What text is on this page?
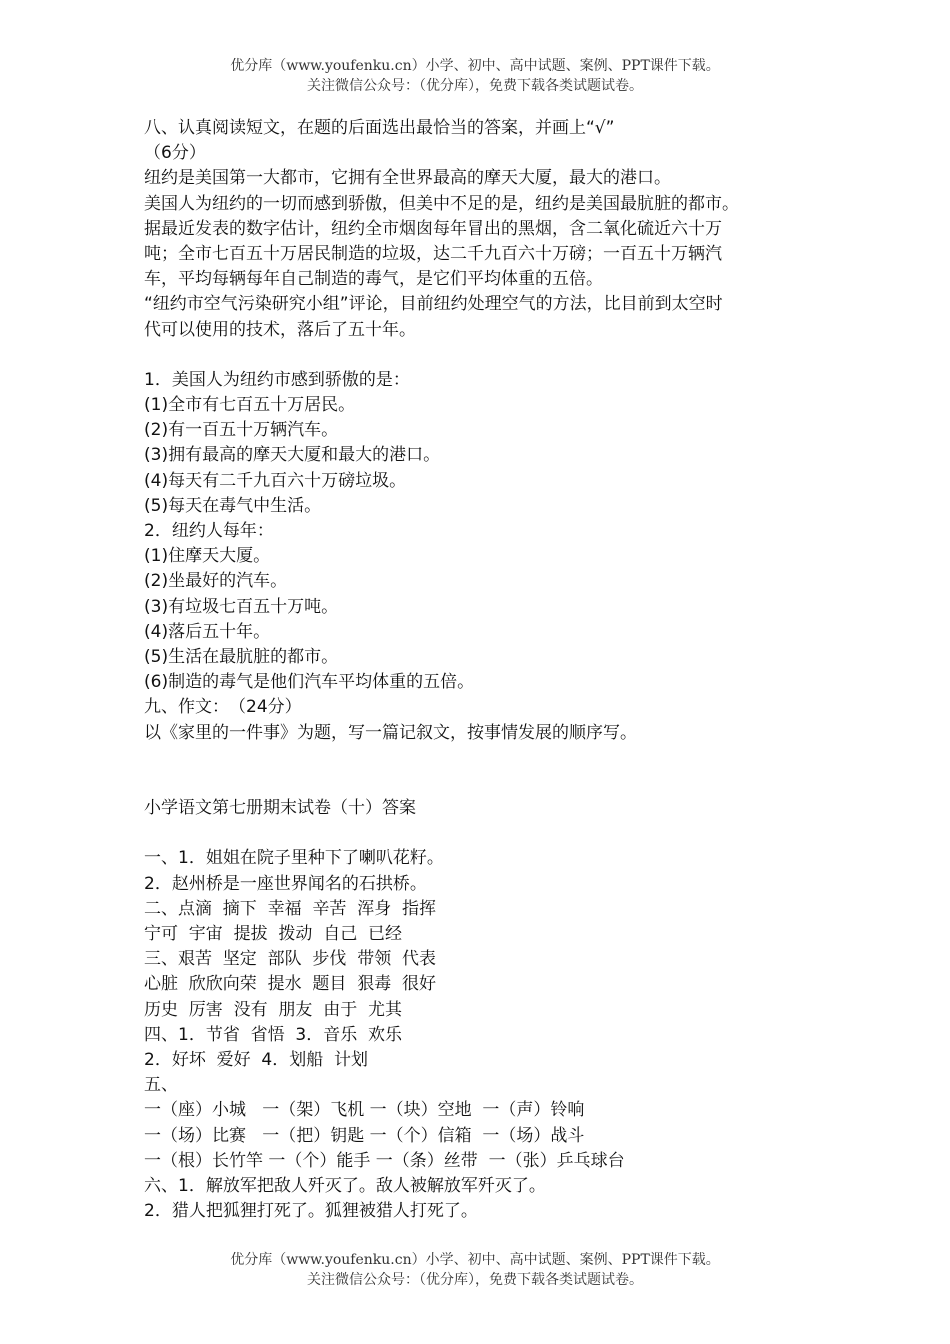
优分库（www.youfenku.cn）小学、初中、高中试题、案例、PPT课件下载。
关注微信公众号：（优分库），免费下载各类试题试卷。
八、认真阅读短文，在题的后面选出最恰当的答案，并画上“√”
（6分）
纽约是美国第一大都市，它拥有全世界最高的摩天大厦，最大的港口。
美国人为纽约的一切而感到骄傲，但美中不足的是，纽约是美国最肮脏的都市。
据最近发表的数字估计，纽约全市烟囱每年冒出的黑烟，含二氧化硫近六十万
吨；全市七百五十万居民制造的垃圾，达二千九百六十万磅；一百五十万辆汽
车，平均每辆每年自己制造的毒气，是它们平均体重的五倍。
“纽约市空气污染研究小组”评论，目前纽约处理空气的方法，比目前到太空时
代可以使用的技术，落后了五十年。
1．美国人为纽约市感到骄傲的是：
(1)全市有七百五十万居民。
(2)有一百五十万辆汽车。
(3)拥有最高的摩天大厦和最大的港口。
(4)每天有二千九百六十万磅垃圾。
(5)每天在毒气中生活。
2．纽约人每年：
(1)住摩天大厦。
(2)坐最好的汽车。
(3)有垃圾七百五十万吨。
(4)落后五十年。
(5)生活在最肮脏的都市。
(6)制造的毒气是他们汽车平均体重的五倍。
九、作文：　（24分）
以《家里的一件事》为题，写一篇记叙文，按事情发展的顺序写。
小学语文第七册期末试卷（十）答案
一、1．姐姐在院子里种下了喇叭花籽。
2．赵州桥是一座世界闻名的石拱桥。
二、点滴  摘下  幸福  辛苦  浑身  指挥
宁可  宇宙  提拔  拨动  自己  已经
三、艰苦  坚定  部队  步伐  带领  代表
心脏  欣欣向荣  提水  题目  狠毒  很好
历史  厉害  没有  朋友  由于  尤其
四、1．节省  省悟  3．音乐  欢乐
2．好坏  爱好  4．划船  计划
五、
一（座）小城   一（架）飞机 一（块）空地  一（声）铃响
一（场）比赛   一（把）钥匙 一（个）信箱  一（场）战斗
一（根）长竹竿 一（个）能手 一（条）丝带  一（张）乒乓球台
六、1．解放军把敌人歼灭了。敌人被解放军歼灭了。
2．猎人把狐狸打死了。狐狸被猎人打死了。
优分库（www.youfenku.cn）小学、初中、高中试题、案例、PPT课件下载。
关注微信公众号：（优分库），免费下载各类试题试卷。
